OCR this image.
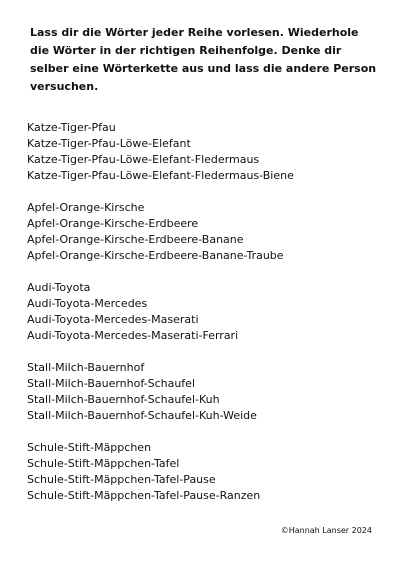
Lass dir die Wörter jeder Reihe vorlesen. Wiederhole die Wörter in der richtigen Reihenfolge. Denke dir selber eine Wörterkette aus und lass die andere Person versuchen.

Katze-Tiger-Pfau
Katze-Tiger-Pfau-Löwe-Elefant
Katze-Tiger-Pfau-Löwe-Elefant-Fledermaus
Katze-Tiger-Pfau-Löwe-Elefant-Fledermaus-Biene
Apfel-Orange-Kirsche
Apfel-Orange-Kirsche-Erdbeere
Apfel-Orange-Kirsche-Erdbeere-Banane
Apfel-Orange-Kirsche-Erdbeere-Banane-Traube
Audi-Toyota
Audi-Toyota-Mercedes
Audi-Toyota-Mercedes-Maserati
Audi-Toyota-Mercedes-Maserati-Ferrari
Stall-Milch-Bauernhof
Stall-Milch-Bauernhof-Schaufel
Stall-Milch-Bauernhof-Schaufel-Kuh
Stall-Milch-Bauernhof-Schaufel-Kuh-Weide
Schule-Stift-Mäppchen
Schule-Stift-Mäppchen-Tafel
Schule-Stift-Mäppchen-Tafel-Pause
Schule-Stift-Mäppchen-Tafel-Pause-Ranzen
©Hannah Lanser 2024
